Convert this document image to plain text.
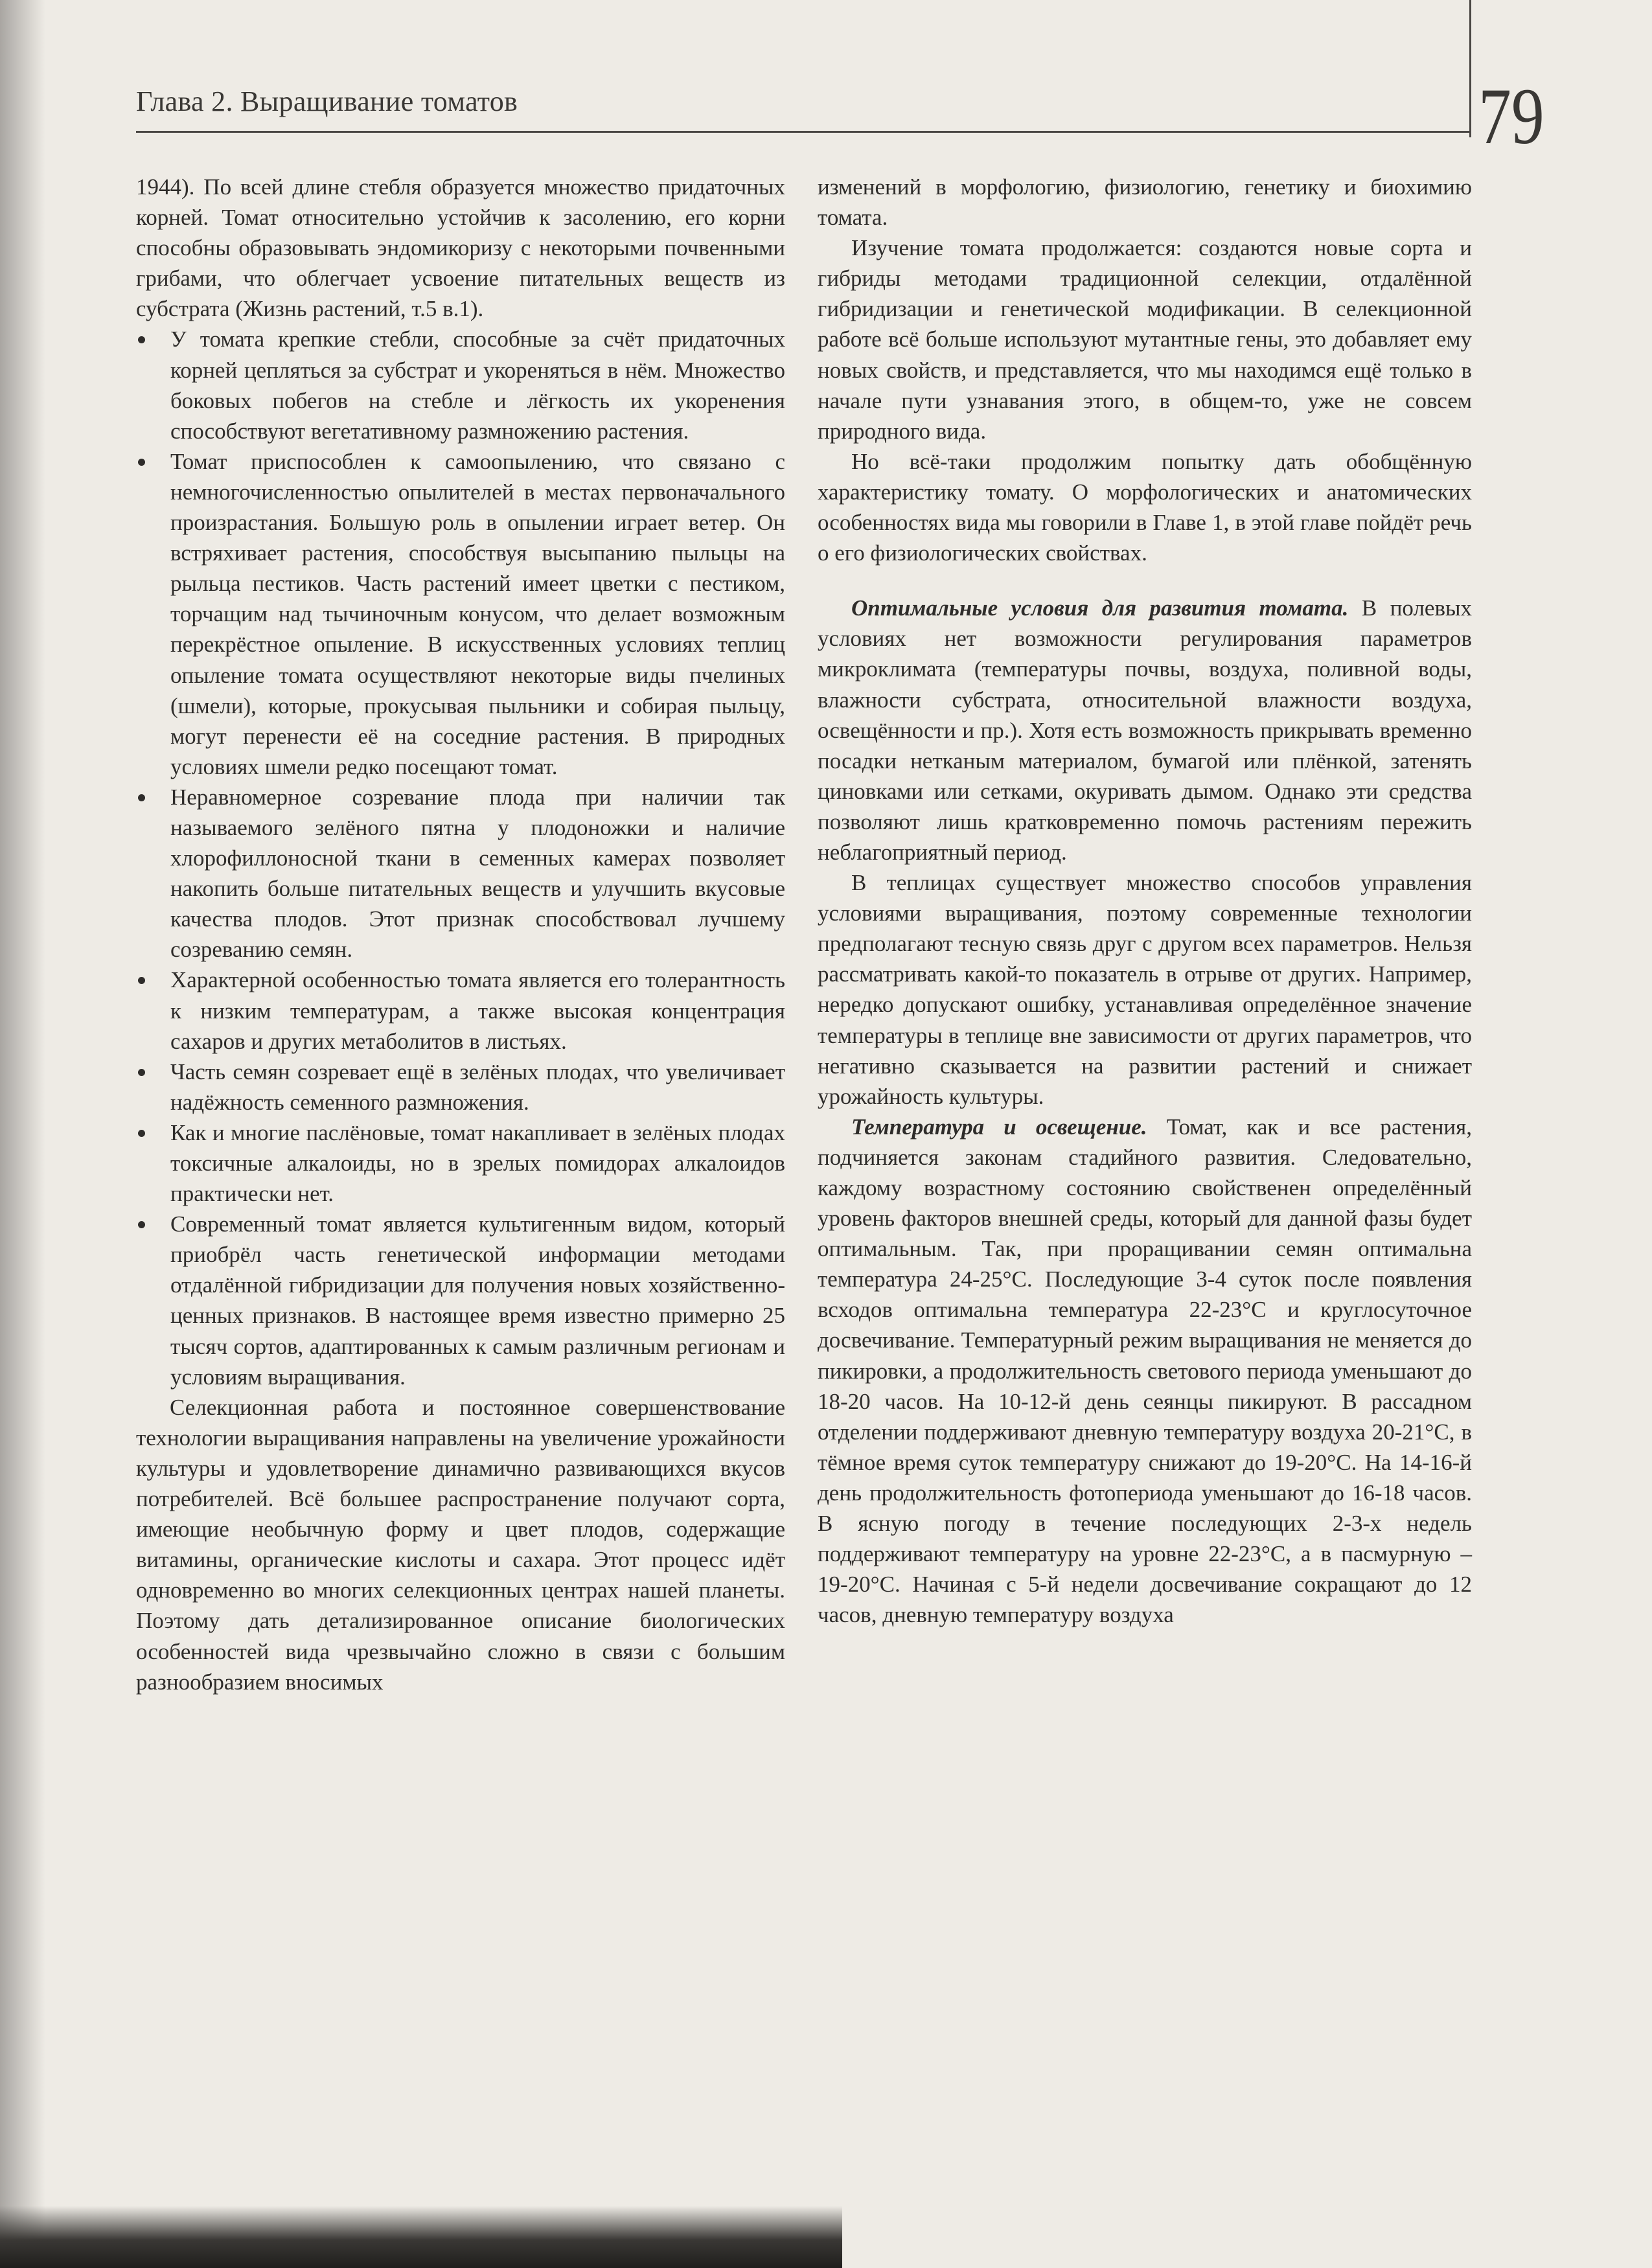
Глава 2. Выращивание томатов	79

1944). По всей длине стебля образуется множество придаточных корней. Томат относительно устойчив к засолению, его корни способны образовывать эндомикоризу с некоторыми почвенными грибами, что облегчает усвоение питательных веществ из субстрата (Жизнь растений, т.5 в.1).

У томата крепкие стебли, способные за счёт придаточных корней цепляться за субстрат и укореняться в нём. Множество боковых побегов на стебле и лёгкость их укоренения способствуют вегетативному размножению растения.
Томат приспособлен к самоопылению, что связано с немногочисленностью опылителей в местах первоначального произрастания. Большую роль в опылении играет ветер. Он встряхивает растения, способствуя высыпанию пыльцы на рыльца пестиков. Часть растений имеет цветки с пестиком, торчащим над тычиночным конусом, что делает возможным перекрёстное опыление. В искусственных условиях теплиц опыление томата осуществляют некоторые виды пчелиных (шмели), которые, прокусывая пыльники и собирая пыльцу, могут перенести её на соседние растения. В природных условиях шмели редко посещают томат.
Неравномерное созревание плода при наличии так называемого зелёного пятна у плодоножки и наличие хлорофиллоносной ткани в семенных камерах позволяет накопить больше питательных веществ и улучшить вкусовые качества плодов. Этот признак способствовал лучшему созреванию семян.
Характерной особенностью томата является его толерантность к низким температурам, а также высокая концентрация сахаров и других метаболитов в листьях.
Часть семян созревает ещё в зелёных плодах, что увеличивает надёжность семенного размножения.
Как и многие паслёновые, томат накапливает в зелёных плодах токсичные алкалоиды, но в зрелых помидорах алкалоидов практически нет.
Современный томат является культигенным видом, который приобрёл часть генетической информации методами отдалённой гибридизации для получения новых хозяйственно-ценных признаков. В настоящее время известно примерно 25 тысяч сортов, адаптированных к самым различным регионам и условиям выращивания.

Селекционная работа и постоянное совершенствование технологии выращивания направлены на увеличение урожайности культуры и удовлетворение динамично развивающихся вкусов потребителей. Всё большее распространение получают сорта, имеющие необычную форму и цвет плодов, содержащие витамины, органические кислоты и сахара. Этот процесс идёт одновременно во многих селекционных центрах нашей планеты. Поэтому дать детализированное описание биологических особенностей вида чрезвычайно сложно в связи с большим разнообразием вносимых

изменений в морфологию, физиологию, генетику и биохимию томата.

Изучение томата продолжается: создаются новые сорта и гибриды методами традиционной селекции, отдалённой гибридизации и генетической модификации. В селекционной работе всё больше используют мутантные гены, это добавляет ему новых свойств, и представляется, что мы находимся ещё только в начале пути узнавания этого, в общем-то, уже не совсем природного вида.

Но всё-таки продолжим попытку дать обобщённую характеристику томату. О морфологических и анатомических особенностях вида мы говорили в Главе 1, в этой главе пойдёт речь о его физиологических свойствах.

Оптимальные условия для развития томата. В полевых условиях нет возможности регулирования параметров микроклимата (температуры почвы, воздуха, поливной воды, влажности субстрата, относительной влажности воздуха, освещённости и пр.). Хотя есть возможность прикрывать временно посадки нетканым материалом, бумагой или плёнкой, затенять циновками или сетками, окуривать дымом. Однако эти средства позволяют лишь кратковременно помочь растениям пережить неблагоприятный период.

В теплицах существует множество способов управления условиями выращивания, поэтому современные технологии предполагают тесную связь друг с другом всех параметров. Нельзя рассматривать какой-то показатель в отрыве от других. Например, нередко допускают ошибку, устанавливая определённое значение температуры в теплице вне зависимости от других параметров, что негативно сказывается на развитии растений и снижает урожайность культуры.

Температура и освещение. Томат, как и все растения, подчиняется законам стадийного развития. Следовательно, каждому возрастному состоянию свойственен определённый уровень факторов внешней среды, который для данной фазы будет оптимальным. Так, при проращивании семян оптимальна температура 24-25°С. Последующие 3-4 суток после появления всходов оптимальна температура 22-23°С и круглосуточное досвечивание. Температурный режим выращивания не меняется до пикировки, а продолжительность светового периода уменьшают до 18-20 часов. На 10-12-й день сеянцы пикируют. В рассадном отделении поддерживают дневную температуру воздуха 20-21°С, в тёмное время суток температуру снижают до 19-20°С. На 14-16-й день продолжительность фотопериода уменьшают до 16-18 часов. В ясную погоду в течение последующих 2-3-х недель поддерживают температуру на уровне 22-23°С, а в пасмурную – 19-20°С. Начиная с 5-й недели досвечивание сокращают до 12 часов, дневную температуру воздуха
